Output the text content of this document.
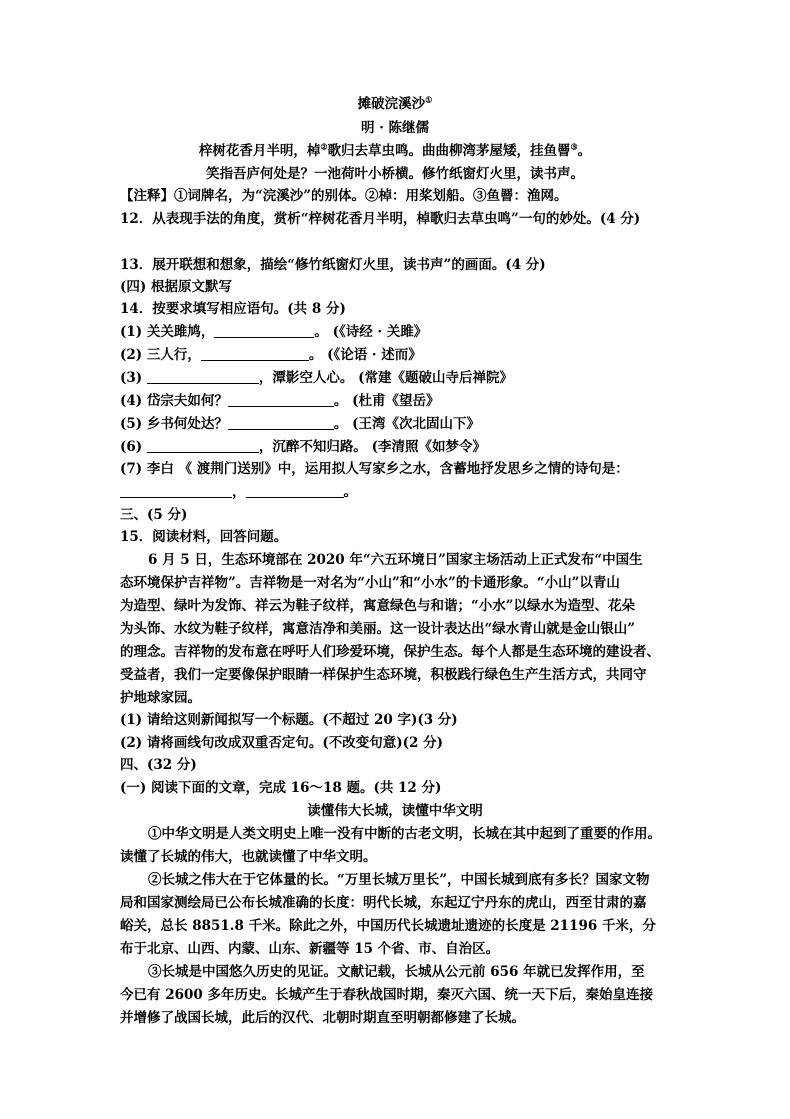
摊破浣溪沙①
明 · 陈继儒
梓树花香月半明，棹②歌归去草虫鸣。曲曲柳湾茅屋矮，挂鱼罾③。
笑指吾庐何处是？一池荷叶小桥横。修竹纸窗灯火里，读书声。
【注释】①词牌名，为“浣溪沙”的别体。②棹：用桨划船。③鱼罾：渔网。
12．从表现手法的角度，赏析“梓树花香月半明，棹歌归去草虫鸣”一句的妙处。(4 分)
13．展开联想和想象，描绘“修竹纸窗灯火里，读书声”的画面。(4 分)
(四) 根据原文默写
14．按要求填写相应语句。(共 8 分)
(1) 关关雎鸠，	。 (《诗经 · 关雎》
(2) 三人行，	。 (《论语 · 述而》
(3)	，潭影空人心。 (常建《题破山寺后禅院》
(4) 岱宗夫如何？	。 (杜甫《望岳》
(5) 乡书何处达？	。 (王湾《次北固山下》
(6)	，沉醉不知归路。 (李清照《如梦令》
(7) 李白 《 渡荆门送别》中，运用拟人写家乡之水，含蓄地抒发思乡之情的诗句是：
，	。
三、(5 分)
15．阅读材料，回答问题。
6 月 5 日，生态环境部在 2020 年“六五环境日”国家主场活动上正式发布“中国生
态环境保护吉祥物”。吉祥物是一对名为“小山”和“小水”的卡通形象。“小山”以青山
为造型、绿叶为发饰、祥云为鞋子纹样，寓意绿色与和谐；“小水”以绿水为造型、花朵
为头饰、水纹为鞋子纹样，寓意洁净和美丽。这一设计表达出“绿水青山就是金山银山”
的理念。吉祥物的发布意在呼吁人们珍爱环境，保护生态。每个人都是生态环境的建设者、
受益者，我们一定要像保护眼睛一样保护生态环境，积极践行绿色生产生活方式，共同守
护地球家园。
(1) 请给这则新闻拟写一个标题。(不超过 20 字)(3 分)
(2) 请将画线句改成双重否定句。(不改变句意)(2 分)
四、(32 分)
(一) 阅读下面的文章，完成 16～18 题。(共 12 分)
读懂伟大长城，读懂中华文明
①中华文明是人类文明史上唯一没有中断的古老文明，长城在其中起到了重要的作用。
读懂了长城的伟大，也就读懂了中华文明。
②长城之伟大在于它体量的长。“万里长城万里长”，中国长城到底有多长？国家文物
局和国家测绘局已公布长城准确的长度：明代长城，东起辽宁丹东的虎山，西至甘肃的嘉
峪关，总长 8851.8 千米。除此之外，中国历代长城遗址遗迹的长度是 21196 千米，分
布于北京、山西、内蒙、山东、新疆等 15 个省、市、自治区。
③长城是中国悠久历史的见证。文献记载，长城从公元前 656 年就已发挥作用，至
今已有 2600 多年历史。长城产生于春秋战国时期，秦灭六国、统一天下后，秦始皇连接
并增修了战国长城，此后的汉代、北朝时期直至明朝都修建了长城。
